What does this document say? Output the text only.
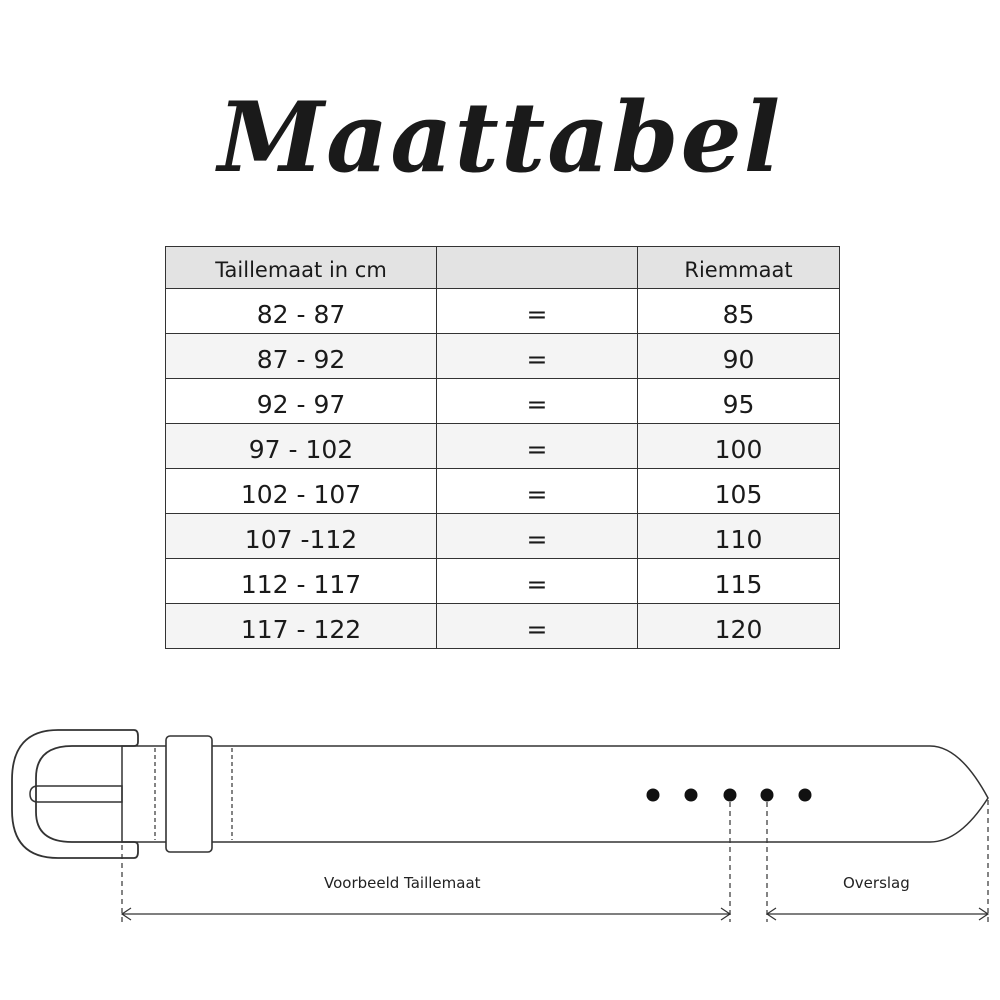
Maattabel
Taillemaat in cm		Riemmaat
82 - 87	=	85
87 - 92	=	90
92 - 97	=	95
97 - 102	=	100
102 - 107	=	105
107 -112	=	110
112 - 117	=	115
117 - 122	=	120
Voorbeeld Taillemaat	Overslag
